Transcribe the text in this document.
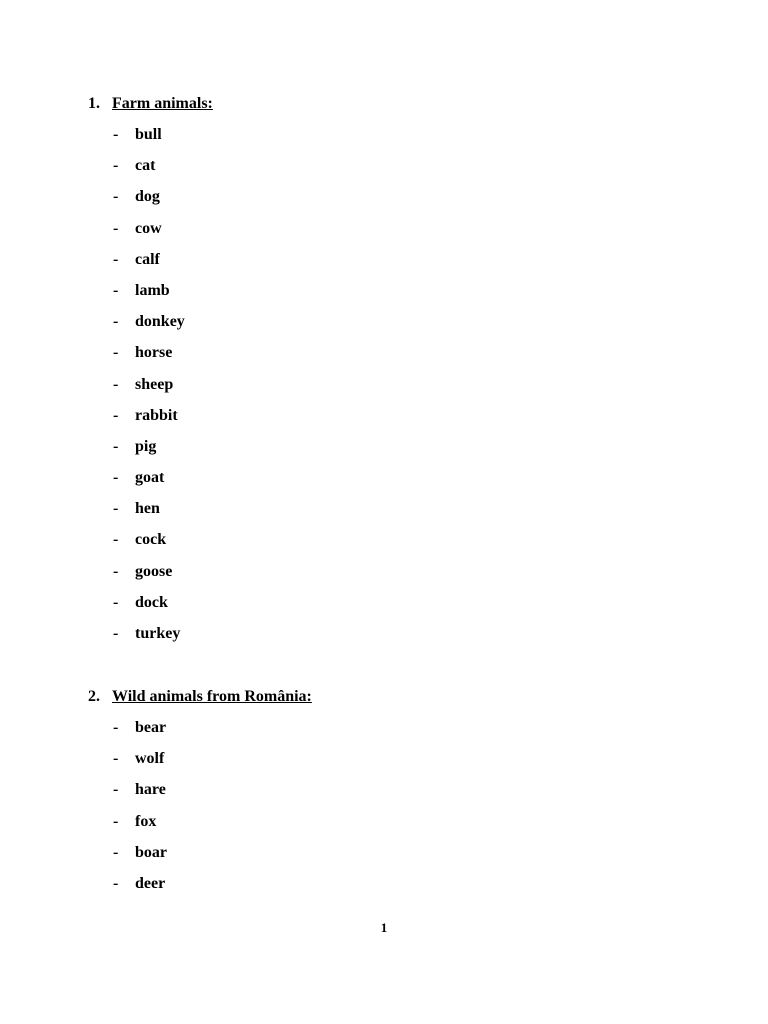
1. Farm animals:
- bull
- cat
- dog
- cow
- calf
- lamb
- donkey
- horse
- sheep
- rabbit
- pig
- goat
- hen
- cock
- goose
- dock
- turkey
2. Wild animals from România:
- bear
- wolf
- hare
- fox
- boar
- deer
1
